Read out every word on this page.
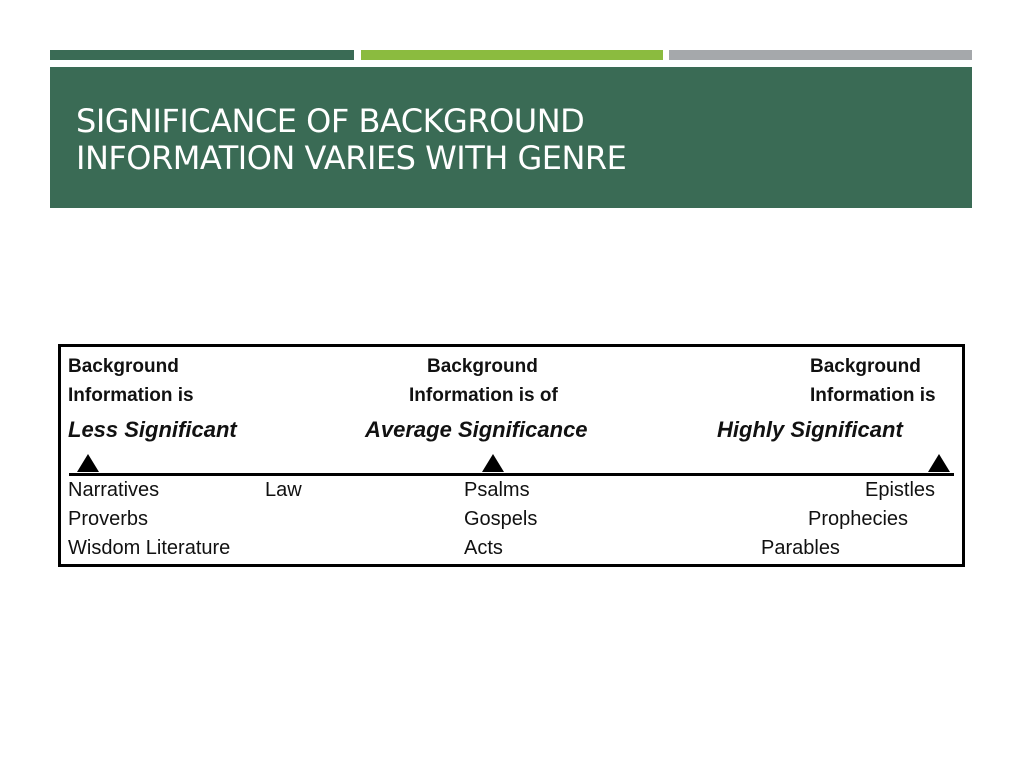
SIGNIFICANCE OF BACKGROUND
INFORMATION VARIES WITH GENRE
Background
Information is
Less Significant
Background
Information is of
Average Significance
Background
Information is
Highly Significant
Narratives	Law
Proverbs
Wisdom Literature
Psalms
Gospels
Acts
Epistles
Prophecies
Parables
